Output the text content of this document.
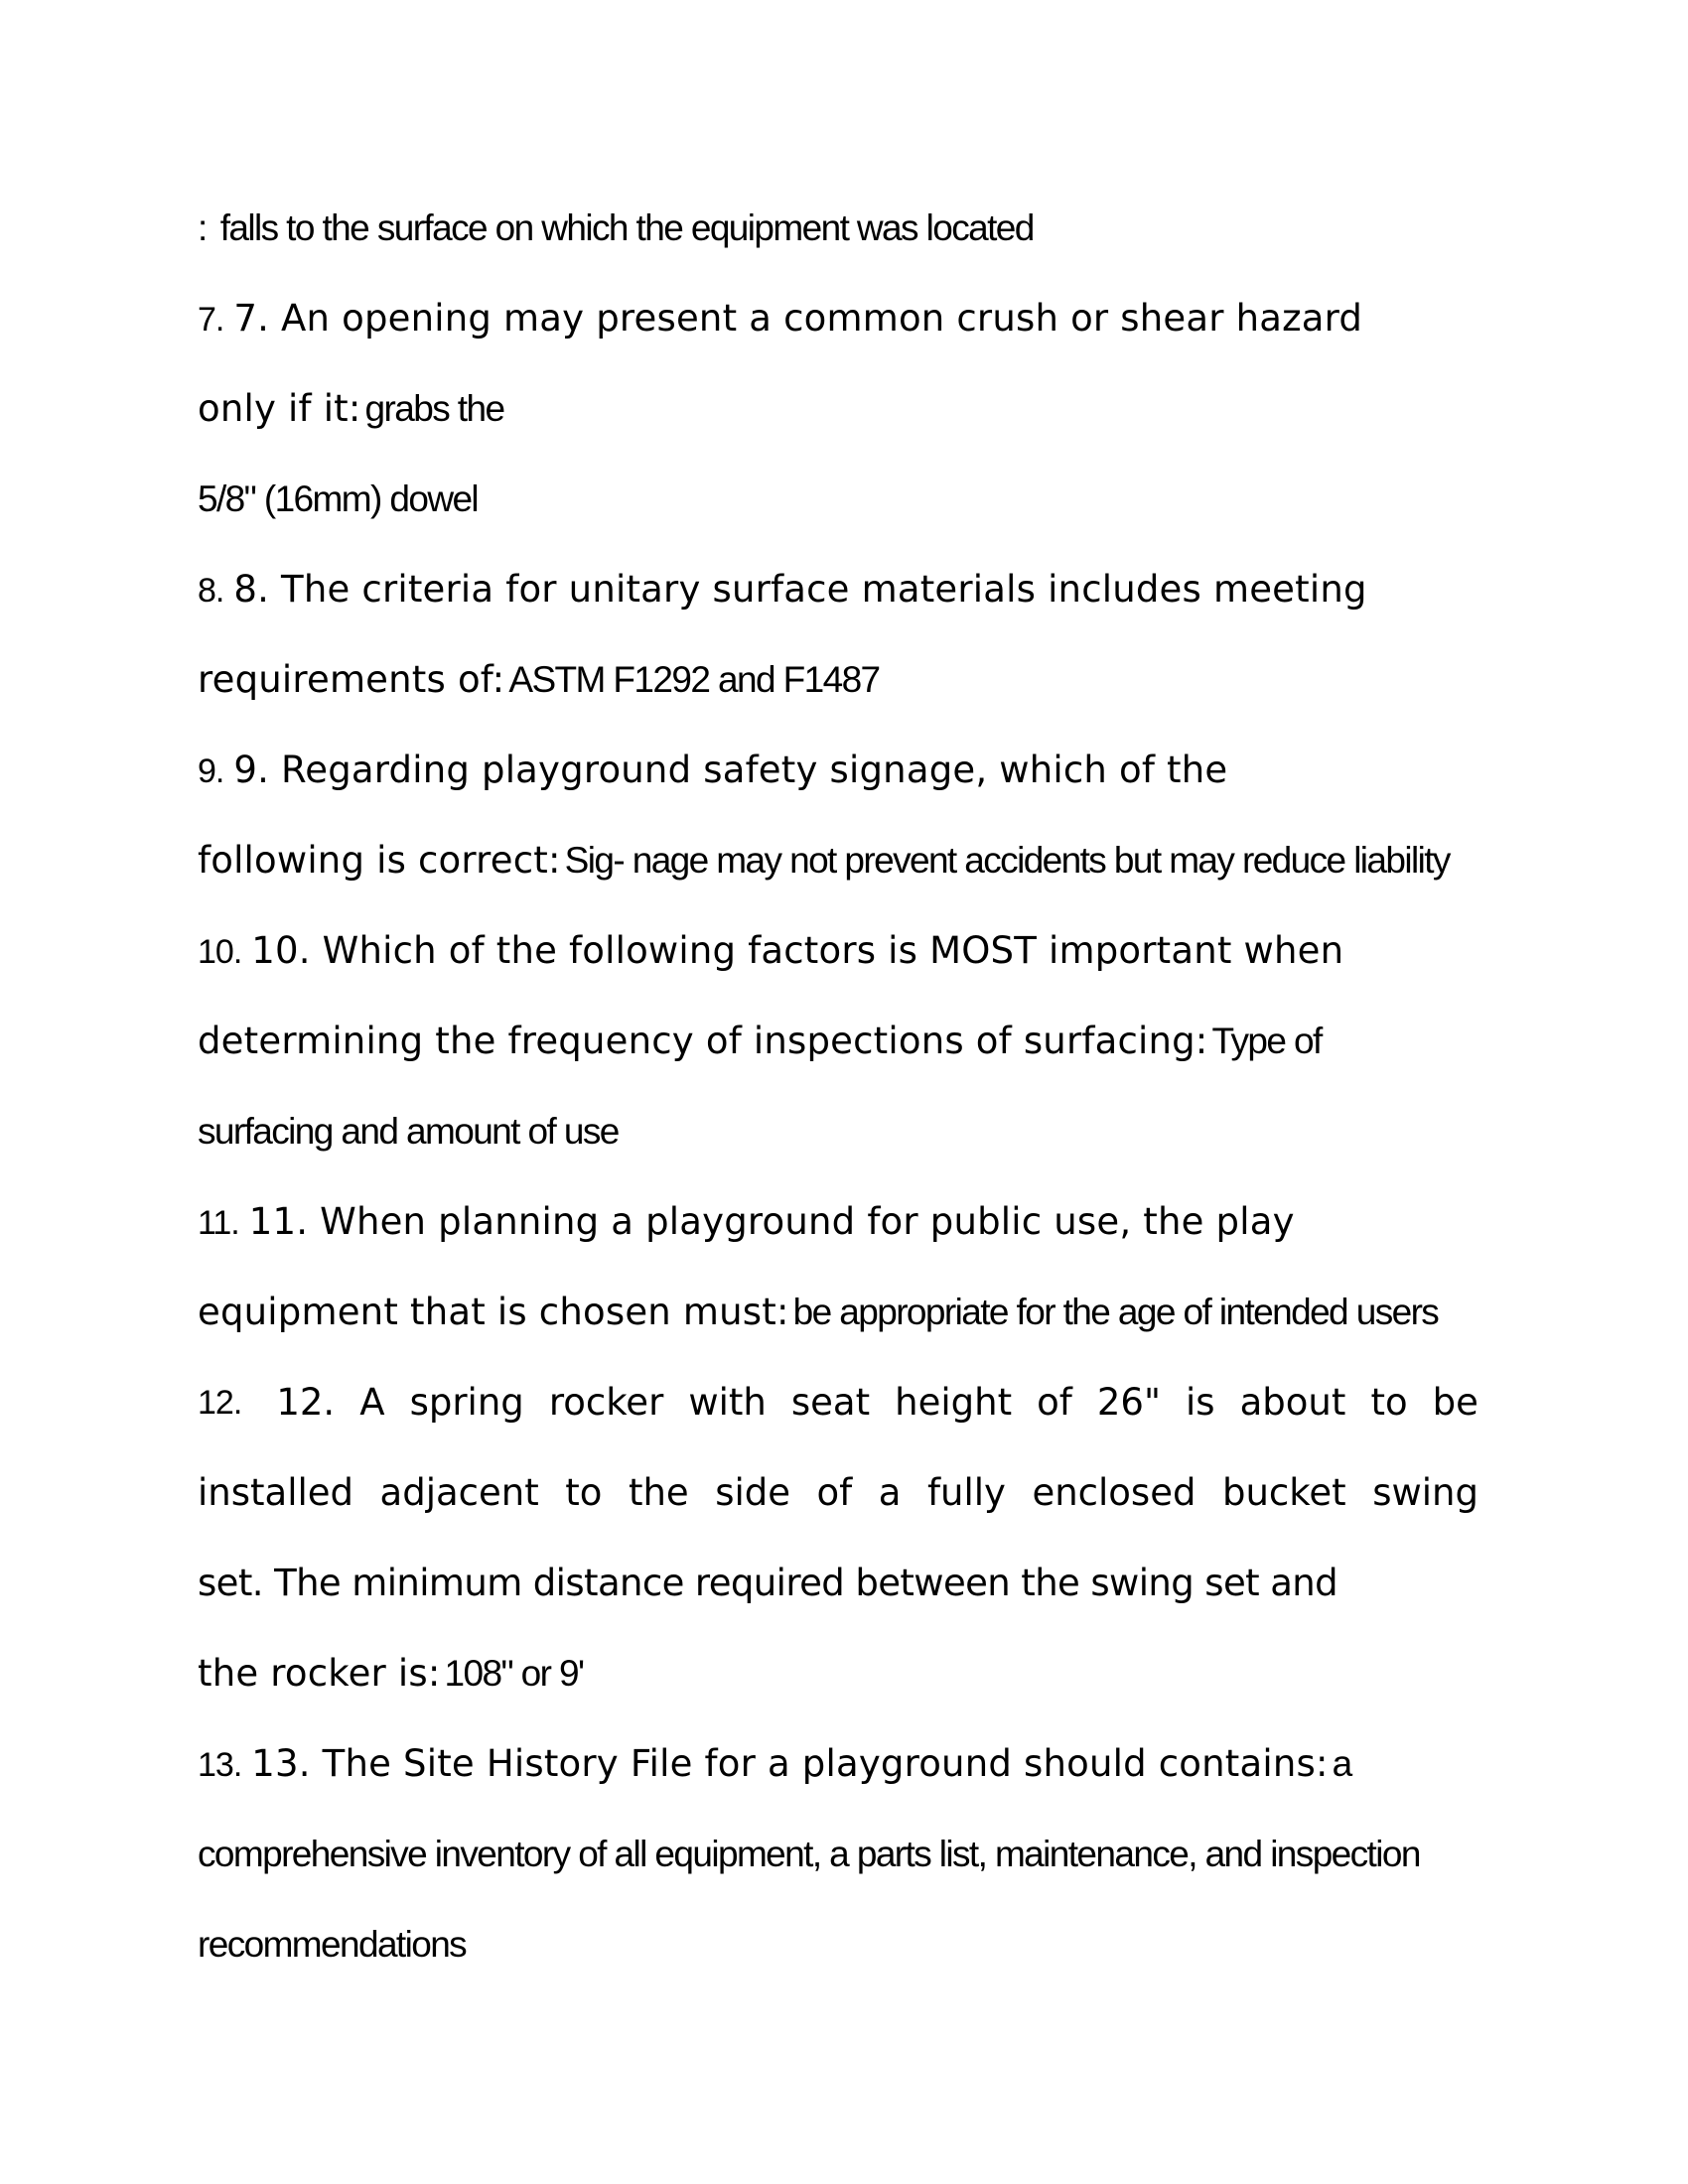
: falls to the surface on which the equipment was located
7. 7. An opening may present a common crush or shear hazard
only if it: grabs the
5/8" (16mm) dowel
8. 8. The criteria for unitary surface materials includes meeting
requirements of: ASTM F1292 and F1487
9. 9. Regarding playground safety signage, which of the
following is correct: Sig- nage may not prevent accidents but may reduce liability
10. 10. Which of the following factors is MOST important when
determining the frequency of inspections of surfacing: Type of
surfacing and amount of use
11. 11. When planning a playground for public use, the play
equipment that is chosen must: be appropriate for the age of intended users
12. 12. A spring rocker with seat height of 26" is about to be
installed adjacent to the side of a fully enclosed bucket swing
set. The minimum distance required between the swing set and
the rocker is: 108" or 9'
13. 13. The Site History File for a playground should contains: a
comprehensive inventory of all equipment, a parts list, maintenance, and inspection
recommendations
